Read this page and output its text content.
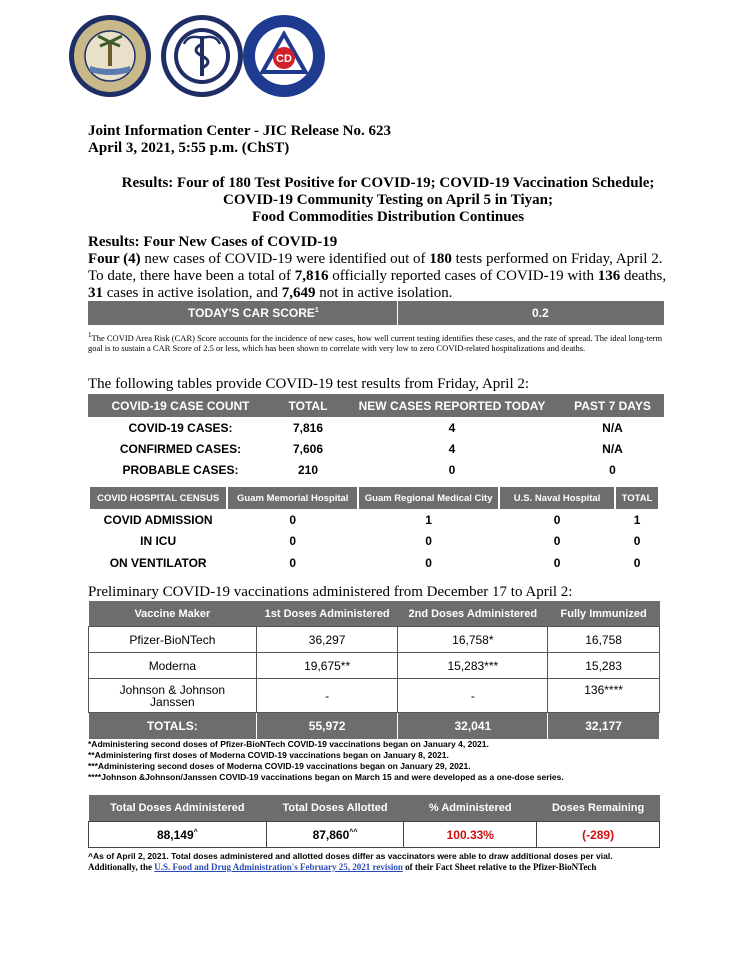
CD
Joint Information Center - JIC Release No. 623
April 3, 2021, 5:55 p.m. (ChST)
Results: Four of 180 Test Positive for COVID-19; COVID-19 Vaccination Schedule;
COVID-19 Community Testing on April 5 in Tiyan;
Food Commodities Distribution Continues
Results: Four New Cases of COVID-19
Four (4) new cases of COVID-19 were identified out of 180 tests performed on Friday, April 2.
To date, there have been a total of 7,816 officially reported cases of COVID-19 with 136 deaths,
31 cases in active isolation, and 7,649 not in active isolation.
TODAY'S CAR SCORE$^1$	0.2
$^1$The COVID Area Risk (CAR) Score accounts for the incidence of new cases, how well current testing identifies these cases, and the rate of spread. The ideal long-term goal is to sustain a CAR Score of 2.5 or less, which has been shown to correlate with very low to zero COVID-related hospitalizations and deaths.
The following tables provide COVID-19 test results from Friday, April 2:
COVID-19 CASE COUNT	TOTAL	NEW CASES REPORTED TODAY	PAST 7 DAYS
COVID-19 CASES:	7,816	4	N/A
CONFIRMED CASES:	7,606	4	N/A
PROBABLE CASES:	210	0	0
COVID HOSPITAL CENSUS	Guam Memorial Hospital	Guam Regional Medical City	U.S. Naval Hospital	TOTAL
COVID ADMISSION	0	1	0	1
IN ICU	0	0	0	0
ON VENTILATOR	0	0	0	0
Preliminary COVID-19 vaccinations administered from December 17 to April 2:
Vaccine Maker	1st Doses Administered	2nd Doses Administered	Fully Immunized
Pfizer-BioNTech	36,297	16,758*	16,758
Moderna	19,675**	15,283***	15,283
Johnson & Johnson Janssen	-	-	136****
TOTALS:	55,972	32,041	32,177
*Administering second doses of Pfizer-BioNTech COVID-19 vaccinations began on January 4, 2021.
**Administering first doses of Moderna COVID-19 vaccinations began on January 8, 2021.
***Administering second doses of Moderna COVID-19 vaccinations began on January 29, 2021.
****Johnson &Johnson/Janssen COVID-19 vaccinations began on March 15 and were developed as a one-dose series.
Total Doses Administered	Total Doses Allotted	% Administered	Doses Remaining
88,149^	87,860^^	100.33%	(-289)
^As of April 2, 2021. Total doses administered and allotted doses differ as vaccinators were able to draw additional doses per vial.
Additionally, the U.S. Food and Drug Administration's February 25, 2021 revision of their Fact Sheet relative to the Pfizer-BioNTech
